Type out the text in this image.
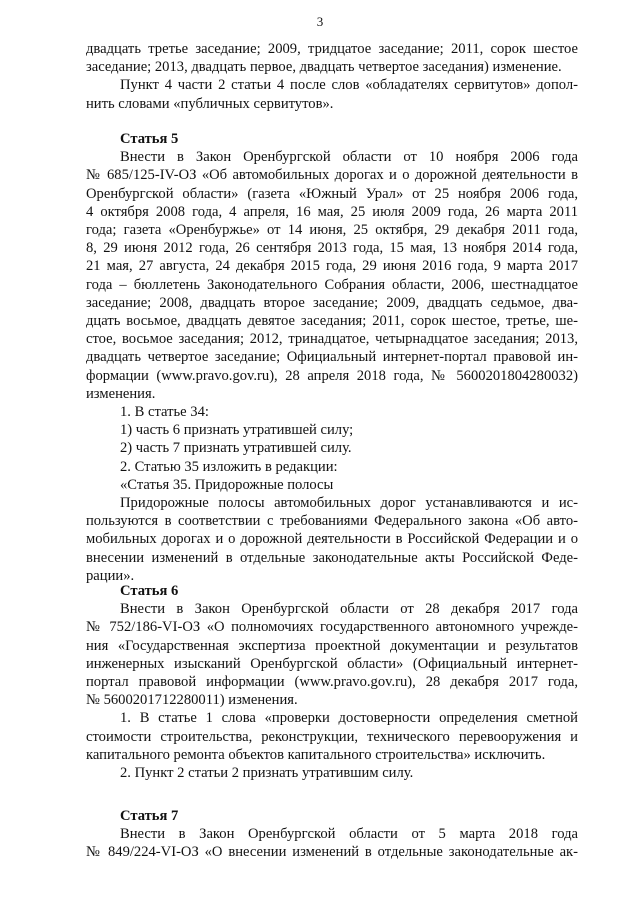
3

двадцать третье заседание; 2009, тридцатое заседание; 2011, сорок шестое

заседание; 2013, двадцать первое, двадцать четвертое заседания) изменение.

Пункт 4 части 2 статьи 4 после слов «обладателях сервитутов» допол-

нить словами «публичных сервитутов».

Статья 5

Внести в Закон Оренбургской области от 10 ноября 2006 года

№ 685/125-IV-ОЗ «Об автомобильных дорогах и о дорожной деятельности в

Оренбургской области» (газета «Южный Урал» от 25 ноября 2006 года,

4 октября 2008 года, 4 апреля, 16 мая, 25 июля 2009 года, 26 марта 2011

года; газета «Оренбуржье» от 14 июня, 25 октября, 29 декабря 2011 года,

8, 29 июня 2012 года, 26 сентября 2013 года, 15 мая, 13 ноября 2014 года,

21 мая, 27 августа, 24 декабря 2015 года, 29 июня 2016 года, 9 марта 2017

года – бюллетень Законодательного Собрания области, 2006, шестнадцатое

заседание; 2008, двадцать второе заседание; 2009, двадцать седьмое, два-

дцать восьмое, двадцать девятое заседания; 2011, сорок шестое, третье, ше-

стое, восьмое заседания; 2012, тринадцатое, четырнадцатое заседания; 2013,

двадцать четвертое заседание; Официальный интернет-портал правовой ин-

формации (www.pravo.gov.ru), 28 апреля 2018 года, № 5600201804280032)

изменения.

1. В статье 34:

1) часть 6 признать утратившей силу;

2) часть 7 признать утратившей силу.

2. Статью 35 изложить в редакции:

«Статья 35. Придорожные полосы

Придорожные полосы автомобильных дорог устанавливаются и ис-

пользуются в соответствии с требованиями Федерального закона «Об авто-

мобильных дорогах и о дорожной деятельности в Российской Федерации и о

внесении изменений в отдельные законодательные акты Российской Феде-

рации».

Статья 6

Внести в Закон Оренбургской области от 28 декабря 2017 года

№ 752/186-VI-ОЗ «О полномочиях государственного автономного учрежде-

ния «Государственная экспертиза проектной документации и результатов

инженерных изысканий Оренбургской области» (Официальный интернет-

портал правовой информации (www.pravo.gov.ru), 28 декабря 2017 года,

№ 5600201712280011) изменения.

1. В статье 1 слова «проверки достоверности определения сметной

стоимости строительства, реконструкции, технического перевооружения и

капитального ремонта объектов капитального строительства» исключить.

2. Пункт 2 статьи 2 признать утратившим силу.

Статья 7

Внести в Закон Оренбургской области от 5 марта 2018 года

№ 849/224-VI-ОЗ «О внесении изменений в отдельные законодательные ак-
